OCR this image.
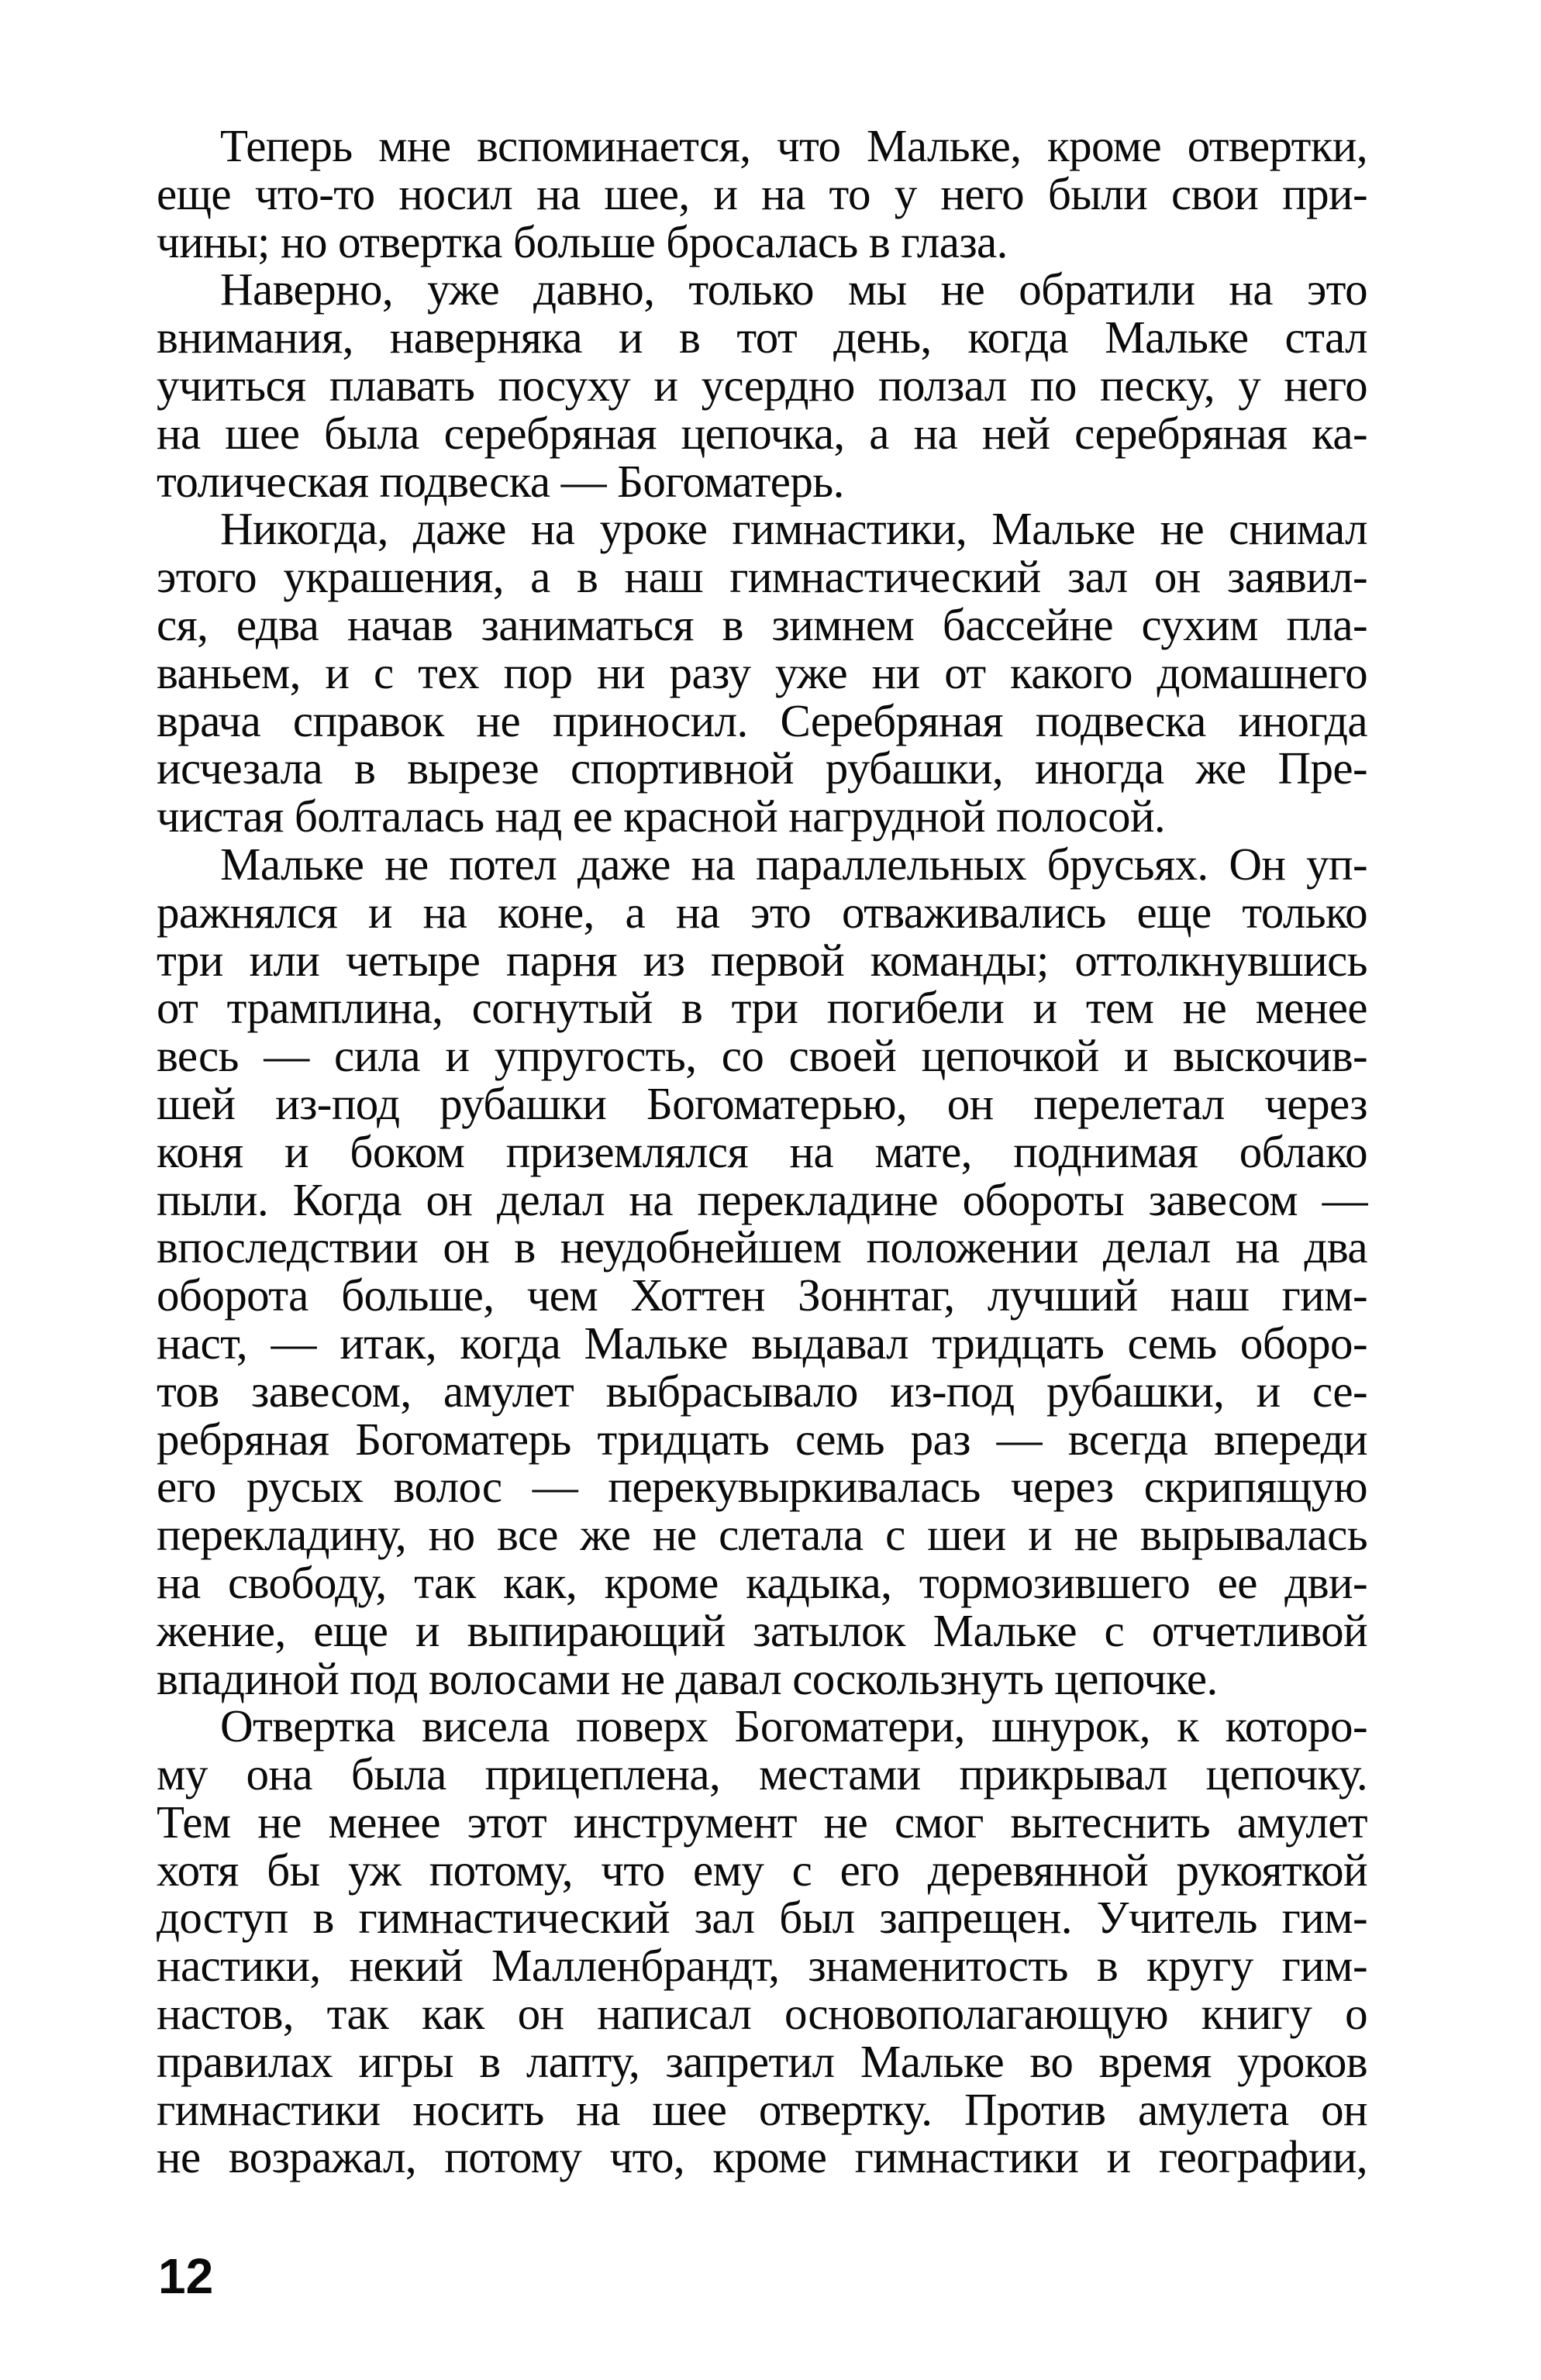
Теперь мне вспоминается, что Мальке, кроме отвертки,
еще что-то носил на шее, и на то у него были свои при-
чины; но отвертка больше бросалась в глаза.
Наверно, уже давно, только мы не обратили на это
внимания, наверняка и в тот день, когда Мальке стал
учиться плавать посуху и усердно ползал по песку, у него
на шее была серебряная цепочка, а на ней серебряная ка-
толическая подвеска — Богоматерь.
Никогда, даже на уроке гимнастики, Мальке не снимал
этого украшения, а в наш гимнастический зал он заявил-
ся, едва начав заниматься в зимнем бассейне сухим пла-
ваньем, и с тех пор ни разу уже ни от какого домашнего
врача справок не приносил. Серебряная подвеска иногда
исчезала в вырезе спортивной рубашки, иногда же Пре-
чистая болталась над ее красной нагрудной полосой.
Мальке не потел даже на параллельных брусьях. Он уп-
ражнялся и на коне, а на это отваживались еще только
три или четыре парня из первой команды; оттолкнувшись
от трамплина, согнутый в три погибели и тем не менее
весь — сила и упругость, со своей цепочкой и выскочив-
шей из-под рубашки Богоматерью, он перелетал через
коня и боком приземлялся на мате, поднимая облако
пыли. Когда он делал на перекладине обороты завесом —
впоследствии он в неудобнейшем положении делал на два
оборота больше, чем Хоттен Зоннтаг, лучший наш гим-
наст, — итак, когда Мальке выдавал тридцать семь оборо-
тов завесом, амулет выбрасывало из-под рубашки, и се-
ребряная Богоматерь тридцать семь раз — всегда впереди
его русых волос — перекувыркивалась через скрипящую
перекладину, но все же не слетала с шеи и не вырывалась
на свободу, так как, кроме кадыка, тормозившего ее дви-
жение, еще и выпирающий затылок Мальке с отчетливой
впадиной под волосами не давал соскользнуть цепочке.
Отвертка висела поверх Богоматери, шнурок, к которо-
му она была прицеплена, местами прикрывал цепочку.
Тем не менее этот инструмент не смог вытеснить амулет
хотя бы уж потому, что ему с его деревянной рукояткой
доступ в гимнастический зал был запрещен. Учитель гим-
настики, некий Малленбрандт, знаменитость в кругу гим-
настов, так как он написал основополагающую книгу о
правилах игры в лапту, запретил Мальке во время уроков
гимнастики носить на шее отвертку. Против амулета он
не возражал, потому что, кроме гимнастики и географии,
12
